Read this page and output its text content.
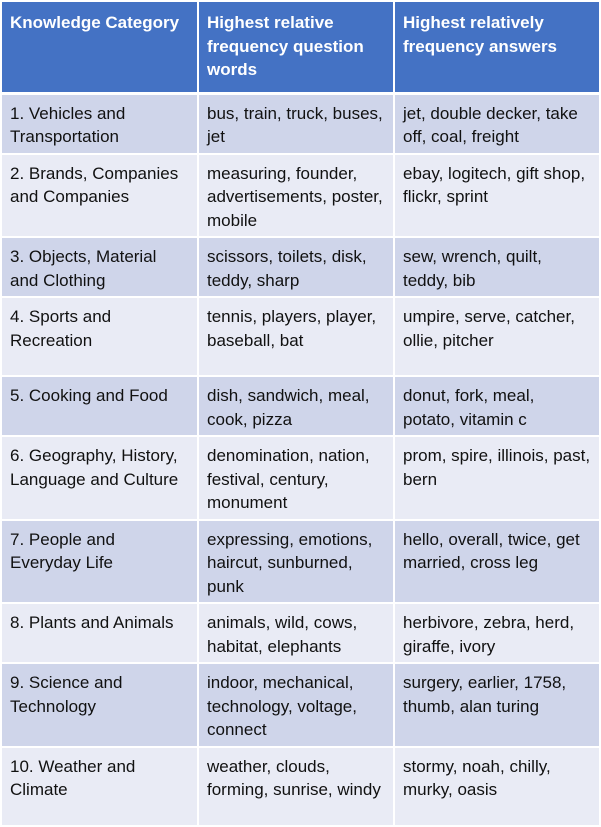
Knowledge Category	Highest relative frequency question words	Highest relatively frequency answers
1. Vehicles and Transportation	bus, train, truck, buses, jet	jet, double decker, take off, coal, freight
2. Brands, Companies and Companies	measuring, founder, advertisements, poster, mobile	ebay, logitech, gift shop, flickr, sprint
3. Objects, Material and Clothing	scissors, toilets, disk, teddy, sharp	sew, wrench, quilt, teddy, bib
4. Sports and Recreation	tennis, players, player, baseball, bat	umpire, serve, catcher, ollie, pitcher
5. Cooking and Food	dish, sandwich, meal, cook, pizza	donut, fork, meal, potato, vitamin c
6. Geography, History, Language and Culture	denomination, nation, festival, century, monument	prom, spire, illinois, past, bern
7. People and Everyday Life	expressing, emotions, haircut, sunburned, punk	hello, overall, twice, get married, cross leg
8. Plants and Animals	animals, wild, cows, habitat, elephants	herbivore, zebra, herd, giraffe, ivory
9. Science and Technology	indoor, mechanical, technology, voltage, connect	surgery, earlier, 1758, thumb, alan turing
10. Weather and Climate	weather, clouds, forming, sunrise, windy	stormy, noah, chilly, murky, oasis
